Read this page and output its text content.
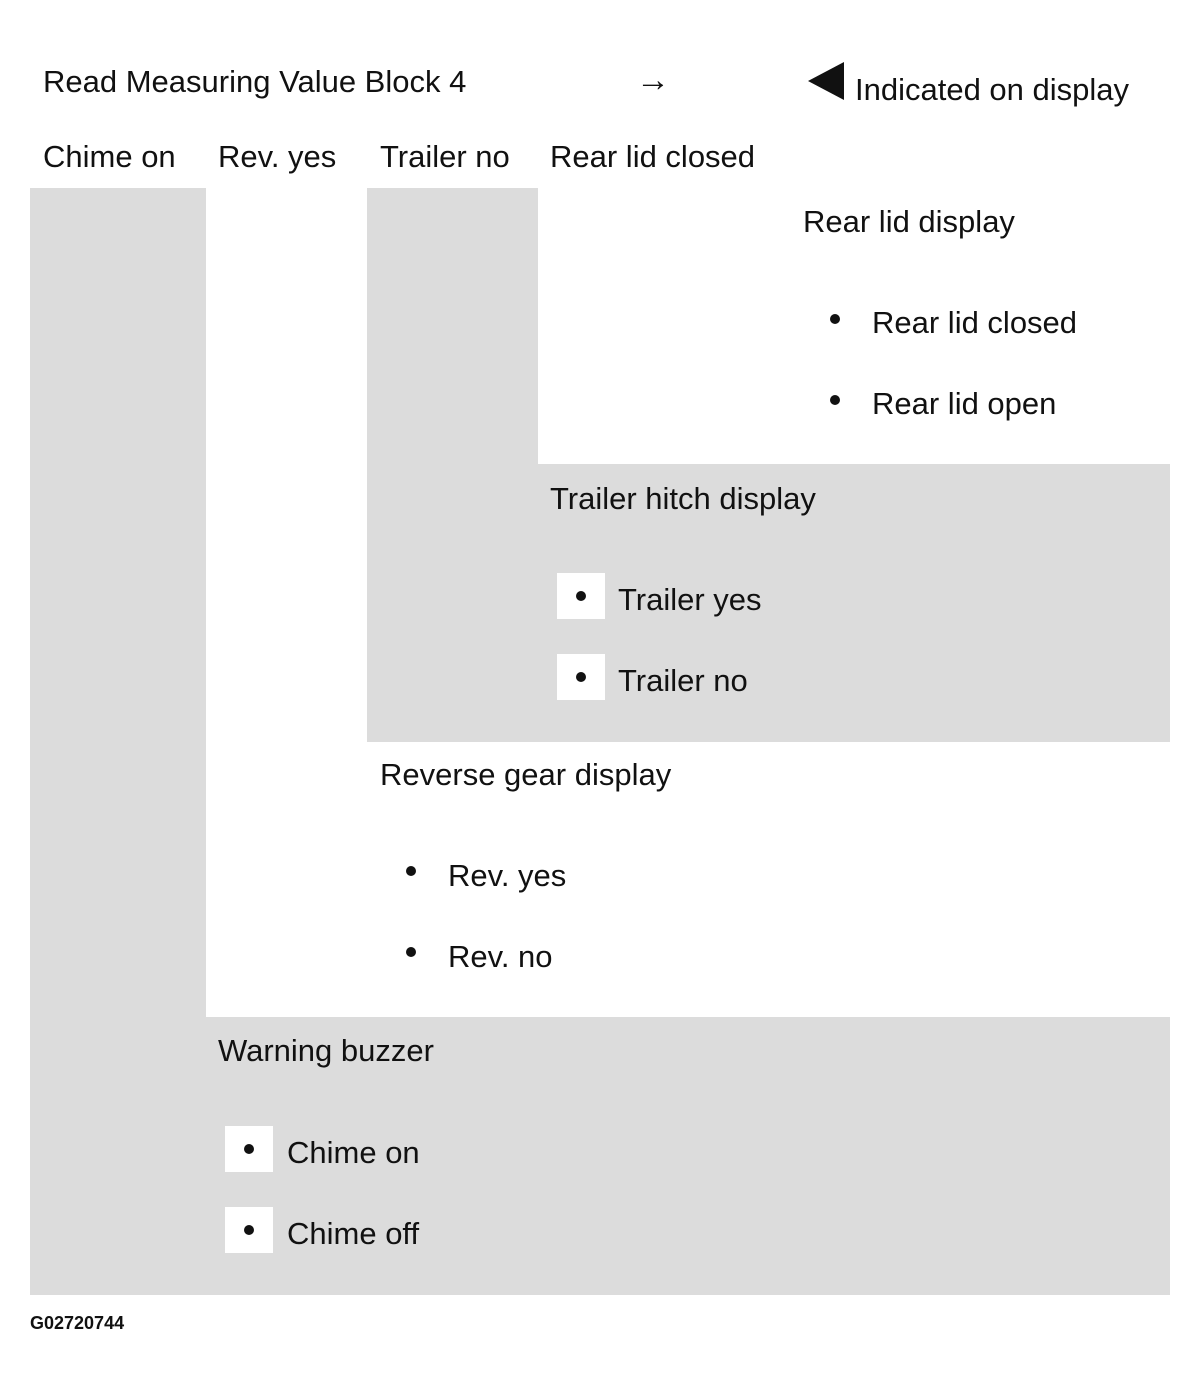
Read Measuring Value Block 4	→	Indicated on display
Chime on Rev. yes Trailer no Rear lid closed
Rear lid display
Rear lid closed
Rear lid open
Trailer hitch display
Trailer yes
Trailer no
Reverse gear display
Rev. yes
Rev. no
Warning buzzer
Chime on
Chime off
G02720744
